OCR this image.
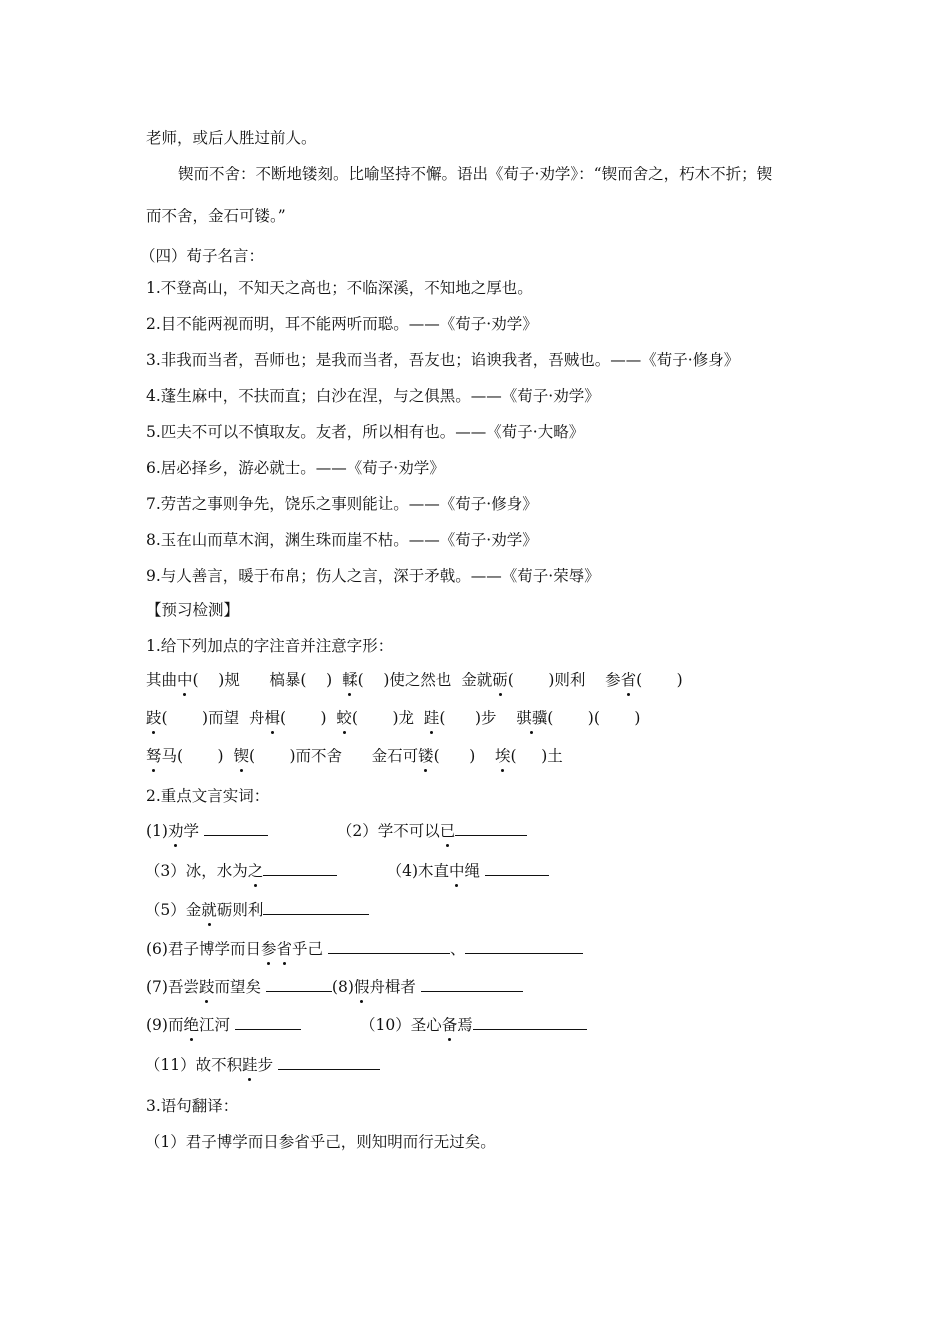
老师，或后人胜过前人。
锲而不舍：不断地镂刻。比喻坚持不懈。语出《荀子·劝学》：“锲而舍之，朽木不折；锲
而不舍，金石可镂。”
（四）荀子名言：
1.不登高山，不知天之高也；不临深溪，不知地之厚也。
2.目不能两视而明，耳不能两听而聪。——《荀子·劝学》
3.非我而当者，吾师也；是我而当者，吾友也；谄谀我者，吾贼也。——《荀子·修身》
4.蓬生麻中，不扶而直；白沙在涅，与之俱黑。——《荀子·劝学》
5.匹夫不可以不慎取友。友者，所以相有也。——《荀子·大略》
6.居必择乡，游必就士。——《荀子·劝学》
7.劳苦之事则争先，饶乐之事则能让。——《荀子·修身》
8.玉在山而草木润，渊生珠而崖不枯。——《荀子·劝学》
9.与人善言，暖于布帛；伤人之言，深于矛戟。——《荀子·荣辱》
【预习检测】
1.给下列加点的字注音并注意字形：
其曲中(    )规      槁暴(    )  輮(    )使之然也  金就砺(       )则利    参省(       )
跂(       )而望  舟楫(       )  蛟(       )龙  跬(      )步    骐骥(       )(       )
驽马(       )  锲(       )而不舍      金石可镂(      )    埃(     )土
2.重点文言实词：
(1)劝学	（2）学不可以已
（3）冰，水为之	（4)木直中绳
（5）金就砺则利
(6)君子博学而日参省乎己	、
(7)吾尝跂而望矣	(8)假舟楫者
(9)而绝江河	（10）圣心备焉
（11）故不积跬步
3.语句翻译：
（1）君子博学而日参省乎己，则知明而行无过矣。
